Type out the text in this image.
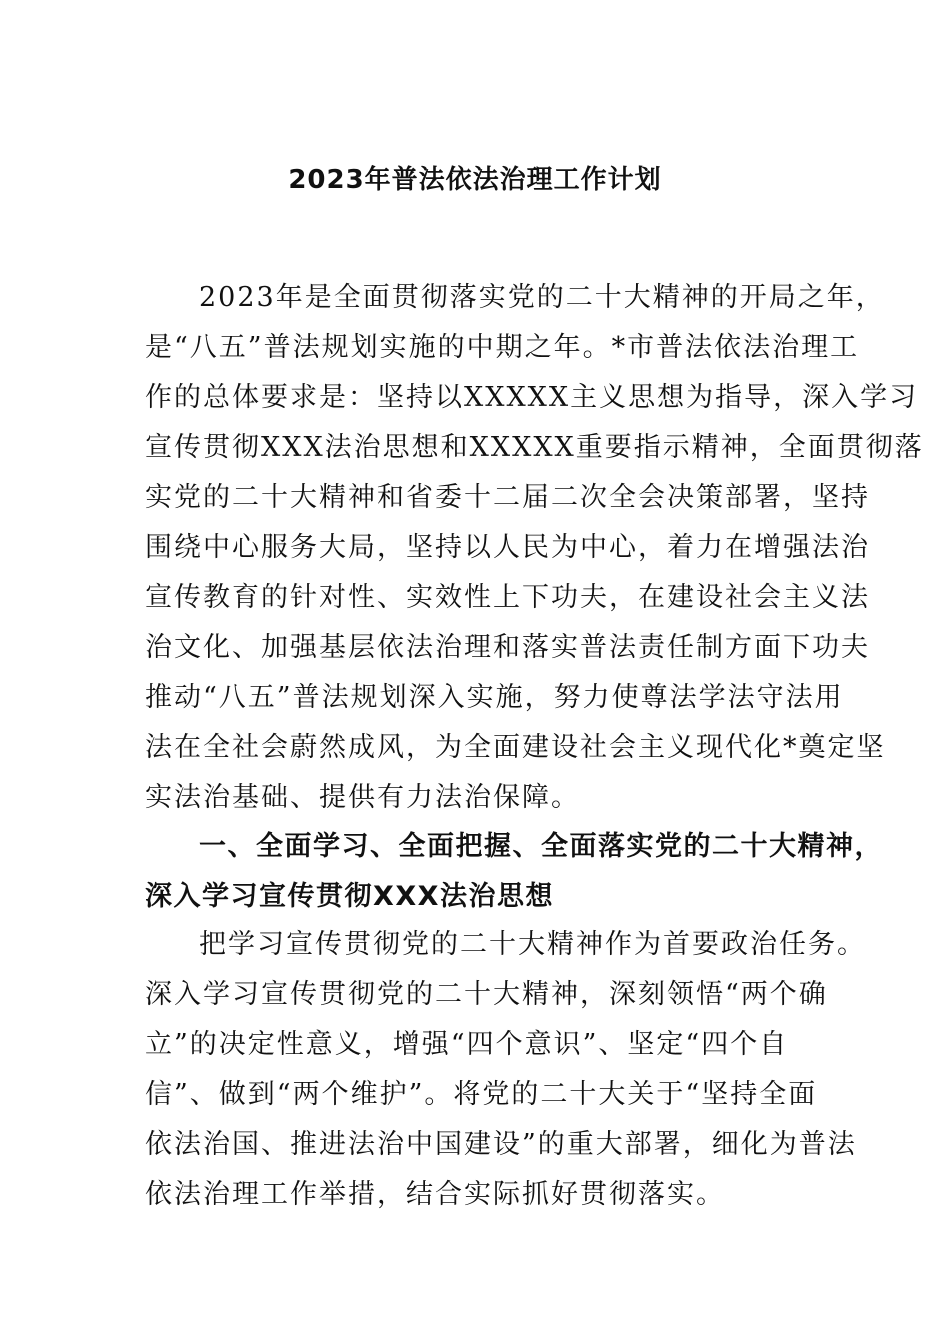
2023年普法依法治理工作计划
2023年是全面贯彻落实党的二十大精神的开局之年，
是“八五”普法规划实施的中期之年。*市普法依法治理工
作的总体要求是：坚持以XXXXX主义思想为指导，深入学习
宣传贯彻XXX法治思想和XXXXX重要指示精神，全面贯彻落
实党的二十大精神和省委十二届二次全会决策部署，坚持
围绕中心服务大局，坚持以人民为中心，着力在增强法治
宣传教育的针对性、实效性上下功夫，在建设社会主义法
治文化、加强基层依法治理和落实普法责任制方面下功夫
推动“八五”普法规划深入实施，努力使尊法学法守法用
法在全社会蔚然成风，为全面建设社会主义现代化*奠定坚
实法治基础、提供有力法治保障。
一、全面学习、全面把握、全面落实党的二十大精神，
深入学习宣传贯彻XXX法治思想
把学习宣传贯彻党的二十大精神作为首要政治任务。
深入学习宣传贯彻党的二十大精神，深刻领悟“两个确
立”的决定性意义，增强“四个意识”、坚定“四个自
信”、做到“两个维护”。将党的二十大关于“坚持全面
依法治国、推进法治中国建设”的重大部署，细化为普法
依法治理工作举措，结合实际抓好贯彻落实。
